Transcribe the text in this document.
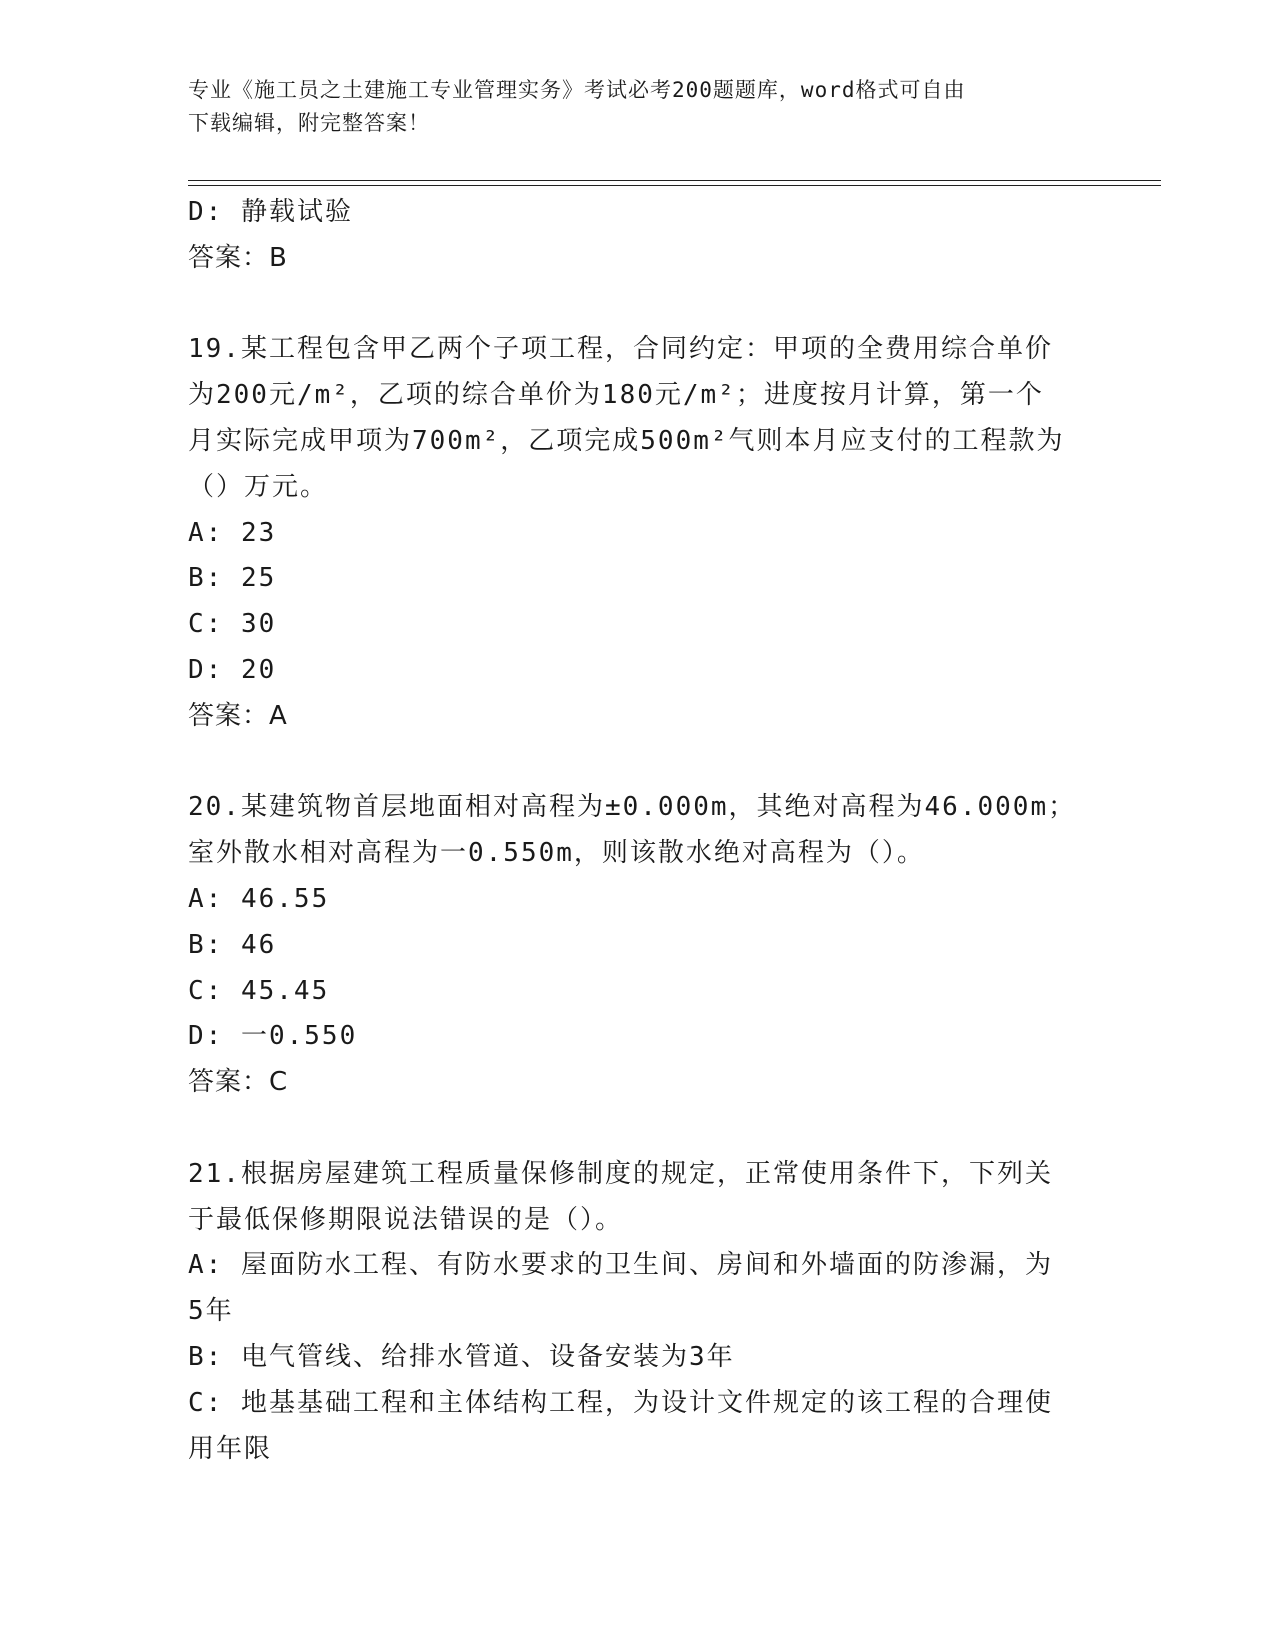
专业《施工员之土建施工专业管理实务》考试必考200题题库，word格式可自由
下载编辑，附完整答案！
D: 静载试验
答案：B
19.某工程包含甲乙两个子项工程，合同约定：甲项的全费用综合单价
为200元/m²，乙项的综合单价为180元/m²；进度按月计算，第一个
月实际完成甲项为700m²，乙项完成500m²气则本月应支付的工程款为
（）万元。
A: 23
B: 25
C: 30
D: 20
答案：A
20.某建筑物首层地面相对高程为±0.000m，其绝对高程为46.000m；
室外散水相对高程为一0.550m，则该散水绝对高程为（）。
A: 46.55
B: 46
C: 45.45
D: 一0.550
答案：C
21.根据房屋建筑工程质量保修制度的规定，正常使用条件下，下列关
于最低保修期限说法错误的是（）。
A: 屋面防水工程、有防水要求的卫生间、房间和外墙面的防渗漏，为
5年
B: 电气管线、给排水管道、设备安装为3年
C: 地基基础工程和主体结构工程，为设计文件规定的该工程的合理使
用年限
